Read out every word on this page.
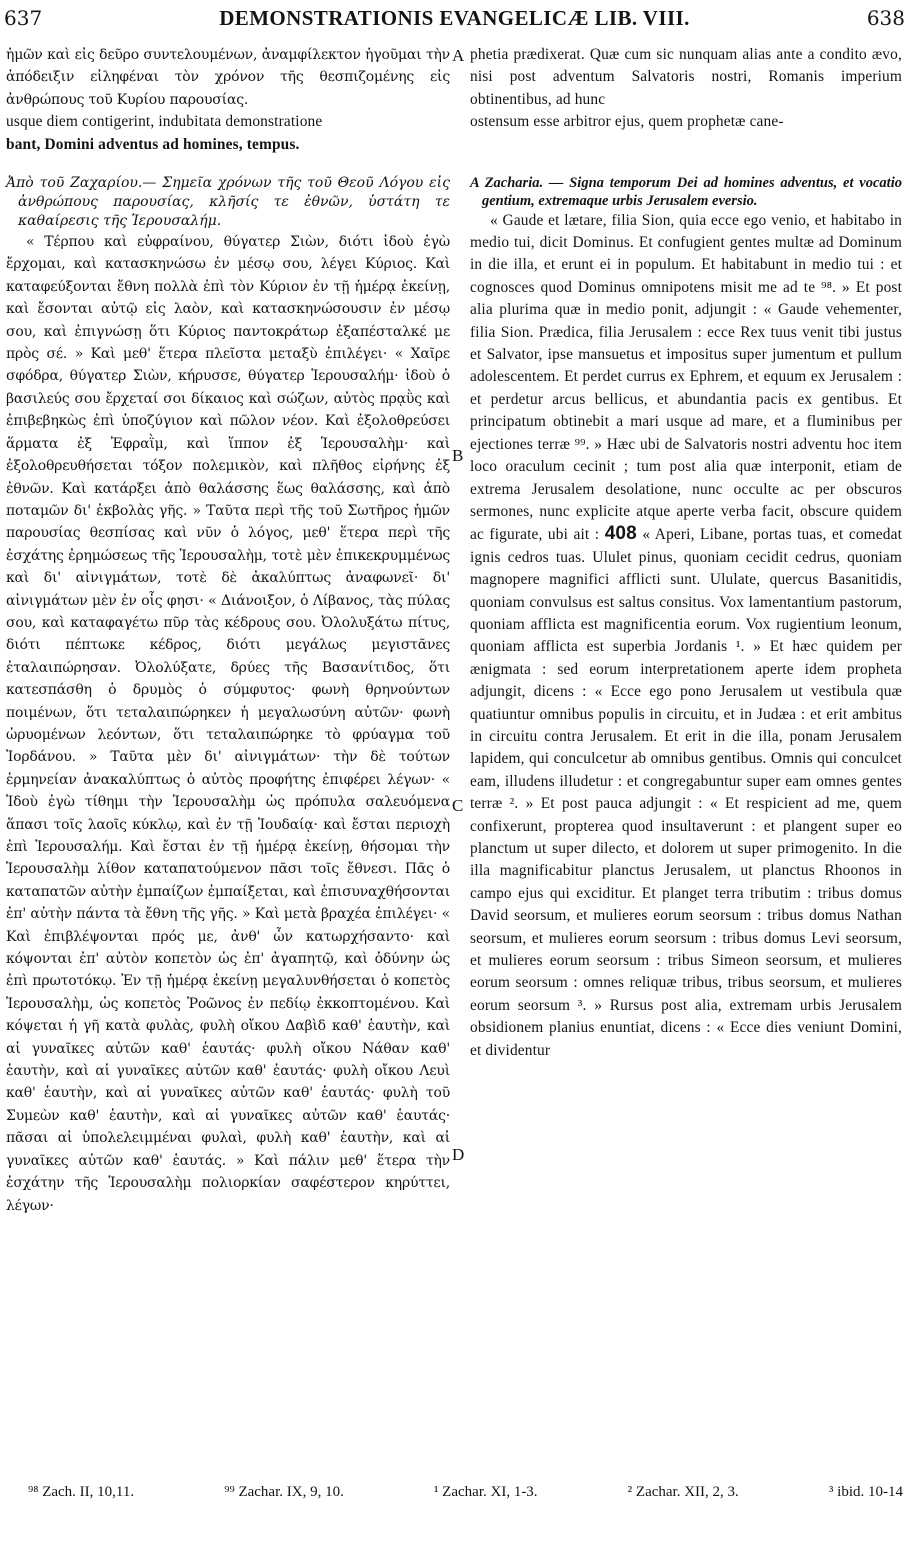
637	DEMONSTRATIONIS EVANGELICÆ LIB. VIII.	638
A
B
C
D

ἡμῶν καὶ εἰς δεῦρο συντελουμένων, ἀναμφίλεκτον ἡγοῦμαι τὴν ἀπόδειξιν εἰληφέναι τὸν χρόνον τῆς θεσπιζομένης εἰς ἀνθρώπους τοῦ Κυρίου παρουσίας.

usque diem contigerint, indubitata demonstratione

bant, Domini adventus ad homines, tempus.

Ἀπὸ τοῦ Ζαχαρίου.— Σημεῖα χρόνων τῆς τοῦ Θεοῦ Λόγου εἰς ἀνθρώπους παρουσίας, κλῆσίς τε ἐθνῶν, ὑστάτη τε καθαίρεσις τῆς Ἱερουσαλήμ.

« Τέρπου καὶ εὐφραίνου, θύγατερ Σιὼν, διότι ἰδοὺ ἐγὼ ἔρχομαι, καὶ κατασκηνώσω ἐν μέσῳ σου, λέγει Κύριος. Καὶ καταφεύξονται ἔθνη πολλὰ ἐπὶ τὸν Κύριον ἐν τῇ ἡμέρᾳ ἐκείνῃ, καὶ ἔσονται αὐτῷ εἰς λαὸν, καὶ κατασκηνώσουσιν ἐν μέσῳ σου, καὶ ἐπιγνώσῃ ὅτι Κύριος παντοκράτωρ ἐξαπέσταλκέ με πρὸς σέ. » Καὶ μεθ' ἕτερα πλεῖστα μεταξὺ ἐπιλέγει· « Χαῖρε σφόδρα, θύγατερ Σιὼν, κήρυσσε, θύγατερ Ἱερουσαλήμ· ἰδοὺ ὁ βασιλεύς σου ἔρχεταί σοι δίκαιος καὶ σώζων, αὐτὸς πρᾳῢς καὶ ἐπιβεβηκὼς ἐπὶ ὑποζύγιον καὶ πῶλον νέον. Καὶ ἐξολοθρεύσει ἅρματα ἐξ Ἐφραῒμ, καὶ ἵππον ἐξ Ἱερουσαλὴμ· καὶ ἐξολοθρευθήσεται τόξον πολεμικὸν, καὶ πλῆθος εἰρήνης ἐξ ἐθνῶν. Καὶ κατάρξει ἀπὸ θαλάσσης ἕως θαλάσσης, καὶ ἀπὸ ποταμῶν δι' ἐκβολὰς γῆς. » Ταῦτα περὶ τῆς τοῦ Σωτῆρος ἡμῶν παρουσίας θεσπίσας καὶ νῦν ὁ λόγος, μεθ' ἕτερα περὶ τῆς ἐσχάτης ἐρημώσεως τῆς Ἱερουσαλὴμ, τοτὲ μὲν ἐπικεκρυμμένως καὶ δι' αἰνιγμάτων, τοτὲ δὲ ἀκαλύπτως ἀναφωνεῖ· δι' αἰνιγμάτων μὲν ἐν οἷς φησι· « Διάνοιξον, ὁ Λίβανος, τὰς πύλας σου, καὶ καταφαγέτω πῦρ τὰς κέδρους σου. Ὀλολυξάτω πίτυς, διότι πέπτωκε κέδρος, διότι μεγάλως μεγιστᾶνες ἐταλαιπώρησαν. Ὀλολύξατε, δρύες τῆς Βασανίτιδος, ὅτι κατεσπάσθη ὁ δρυμὸς ὁ σύμφυτος· φωνὴ θρηνούντων ποιμένων, ὅτι τεταλαιπώρηκεν ἡ μεγαλωσύνη αὐτῶν· φωνὴ ὠρυομένων λεόντων, ὅτι τεταλαιπώρηκε τὸ φρύαγμα τοῦ Ἰορδάνου. » Ταῦτα μὲν δι' αἰνιγμάτων· τὴν δὲ τούτων ἑρμηνείαν ἀνακαλύπτως ὁ αὐτὸς προφήτης ἐπιφέρει λέγων· « Ἰδοὺ ἐγὼ τίθημι τὴν Ἱερουσαλὴμ ὡς πρόπυλα σαλευόμενα ἅπασι τοῖς λαοῖς κύκλῳ, καὶ ἐν τῇ Ἰουδαίᾳ· καὶ ἔσται περιοχὴ ἐπὶ Ἱερουσαλήμ. Καὶ ἔσται ἐν τῇ ἡμέρᾳ ἐκείνῃ, θήσομαι τὴν Ἱερουσαλὴμ λίθον καταπατούμενον πᾶσι τοῖς ἔθνεσι. Πᾶς ὁ καταπατῶν αὐτὴν ἐμπαίζων ἐμπαίξεται, καὶ ἐπισυναχθήσονται ἐπ' αὐτὴν πάντα τὰ ἔθνη τῆς γῆς. » Καὶ μετὰ βραχέα ἐπιλέγει· « Καὶ ἐπιβλέψονται πρός με, ἀνθ' ὧν κατωρχήσαντο· καὶ κόψονται ἐπ' αὐτὸν κοπετὸν ὡς ἐπ' ἀγαπητῷ, καὶ ὀδύνην ὡς ἐπὶ πρωτοτόκῳ. Ἐν τῇ ἡμέρᾳ ἐκείνῃ μεγαλυνθήσεται ὁ κοπετὸς Ἱερουσαλὴμ, ὡς κοπετὸς Ῥοῶνος ἐν πεδίῳ ἐκκοπτομένου. Καὶ κόψεται ἡ γῆ κατὰ φυλὰς, φυλὴ οἴκου Δαβὶδ καθ' ἑαυτὴν, καὶ αἱ γυναῖκες αὐτῶν καθ' ἑαυτάς· φυλὴ οἴκου Νάθαν καθ' ἑαυτὴν, καὶ αἱ γυναῖκες αὐτῶν καθ' ἑαυτάς· φυλὴ οἴκου Λευὶ καθ' ἑαυτὴν, καὶ αἱ γυναῖκες αὐτῶν καθ' ἑαυτάς· φυλὴ τοῦ Συμεὼν καθ' ἑαυτὴν, καὶ αἱ γυναῖκες αὐτῶν καθ' ἑαυτάς· πᾶσαι αἱ ὑπολελειμμέναι φυλαὶ, φυλὴ καθ' ἑαυτὴν, καὶ αἱ γυναῖκες αὐτῶν καθ' ἑαυτάς. » Καὶ πάλιν μεθ' ἕτερα τὴν ἐσχάτην τῆς Ἱερουσαλὴμ πολιορκίαν σαφέστερον κηρύττει, λέγων·

phetia prædixerat. Quæ cum sic nunquam alias ante a condito ævo, nisi post adventum Salvatoris nostri, Romanis imperium obtinentibus, ad hunc

ostensum esse arbitror ejus, quem prophetæ cane-

A Zacharia. — Signa temporum Dei ad homines adventus, et vocatio gentium, extremaque urbis Jerusalem eversio.

« Gaude et lætare, filia Sion, quia ecce ego venio, et habitabo in medio tui, dicit Dominus. Et confugient gentes multæ ad Dominum in die illa, et erunt ei in populum. Et habitabunt in medio tui : et cognosces quod Dominus omnipotens misit me ad te ⁹⁸. » Et post alia plurima quæ in medio ponit, adjungit : « Gaude vehementer, filia Sion. Prædica, filia Jerusalem : ecce Rex tuus venit tibi justus et Salvator, ipse mansuetus et impositus super jumentum et pullum adolescentem. Et perdet currus ex Ephrem, et equum ex Jerusalem : et perdetur arcus bellicus, et abundantia pacis ex gentibus. Et principatum obtinebit a mari usque ad mare, et a fluminibus per ejectiones terræ ⁹⁹. » Hæc ubi de Salvatoris nostri adventu hoc item loco oraculum cecinit ; tum post alia quæ interponit, etiam de extrema Jerusalem desolatione, nunc occulte ac per obscuros sermones, nunc explicite atque aperte verba facit, obscure quidem ac figurate, ubi ait : 408 « Aperi, Libane, portas tuas, et comedat ignis cedros tuas. Ululet pinus, quoniam cecidit cedrus, quoniam magnopere magnifici afflicti sunt. Ululate, quercus Basanitidis, quoniam convulsus est saltus consitus. Vox lamentantium pastorum, quoniam afflicta est magnificentia eorum. Vox rugientium leonum, quoniam afflicta est superbia Jordanis ¹. » Et hæc quidem per ænigmata : sed eorum interpretationem aperte idem propheta adjungit, dicens : « Ecce ego pono Jerusalem ut vestibula quæ quatiuntur omnibus populis in circuitu, et in Judæa : et erit ambitus in circuitu contra Jerusalem. Et erit in die illa, ponam Jerusalem lapidem, qui conculcetur ab omnibus gentibus. Omnis qui conculcet eam, illudens illudetur : et congregabuntur super eam omnes gentes terræ ². » Et post pauca adjungit : « Et respicient ad me, quem confixerunt, propterea quod insultaverunt : et plangent super eo planctum ut super dilecto, et dolorem ut super primogenito. In die illa magnificabitur planctus Jerusalem, ut planctus Rhoonos in campo ejus qui exciditur. Et planget terra tributim : tribus domus David seorsum, et mulieres eorum seorsum : tribus domus Nathan seorsum, et mulieres eorum seorsum : tribus domus Levi seorsum, et mulieres eorum seorsum : tribus Simeon seorsum, et mulieres eorum seorsum : omnes reliquæ tribus, tribus seorsum, et mulieres eorum seorsum ³. » Rursus post alia, extremam urbis Jerusalem obsidionem planius enuntiat, dicens : « Ecce dies veniunt Domini, et dividentur

⁹⁸ Zach. II, 10,11.	⁹⁹ Zachar. IX, 9, 10.	¹ Zachar. XI, 1-3.	² Zachar. XII, 2, 3.	³ ibid. 10-14
